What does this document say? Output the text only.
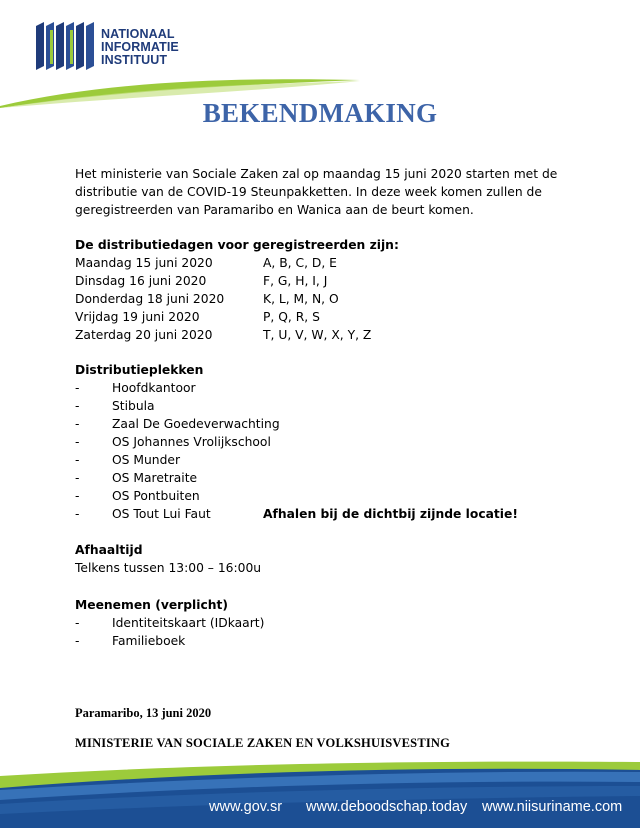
NATIONAAL
INFORMATIE
INSTITUUT
BEKENDMAKING
Het ministerie van Sociale Zaken zal op maandag 15 juni 2020 starten met de
distributie van de COVID-19 Steunpakketten. In deze week komen zullen de
geregistreerden van Paramaribo en Wanica aan de beurt komen.
De distributiedagen voor geregistreerden zijn:
Maandag 15 juni 2020	A, B, C, D, E
Dinsdag 16 juni 2020	F, G, H, I, J
Donderdag 18 juni 2020	K, L, M, N, O
Vrijdag 19 juni 2020	P, Q, R, S
Zaterdag 20 juni 2020	T, U, V, W, X, Y, Z
Distributieplekken
-	Hoofdkantoor
-	Stibula
-	Zaal De Goedeverwachting
-	OS Johannes Vrolijkschool
-	OS Munder
-	OS Maretraite
-	OS Pontbuiten
-	OS Tout Lui Faut	Afhalen bij de dichtbij zijnde locatie!
Afhaaltijd
Telkens tussen 13:00 – 16:00u
Meenemen (verplicht)
-	Identiteitskaart (IDkaart)
-	Familieboek
Paramaribo, 13 juni 2020
MINISTERIE VAN SOCIALE ZAKEN EN VOLKSHUISVESTING
www.gov.sr www.deboodschap.today www.niisuriname.com
